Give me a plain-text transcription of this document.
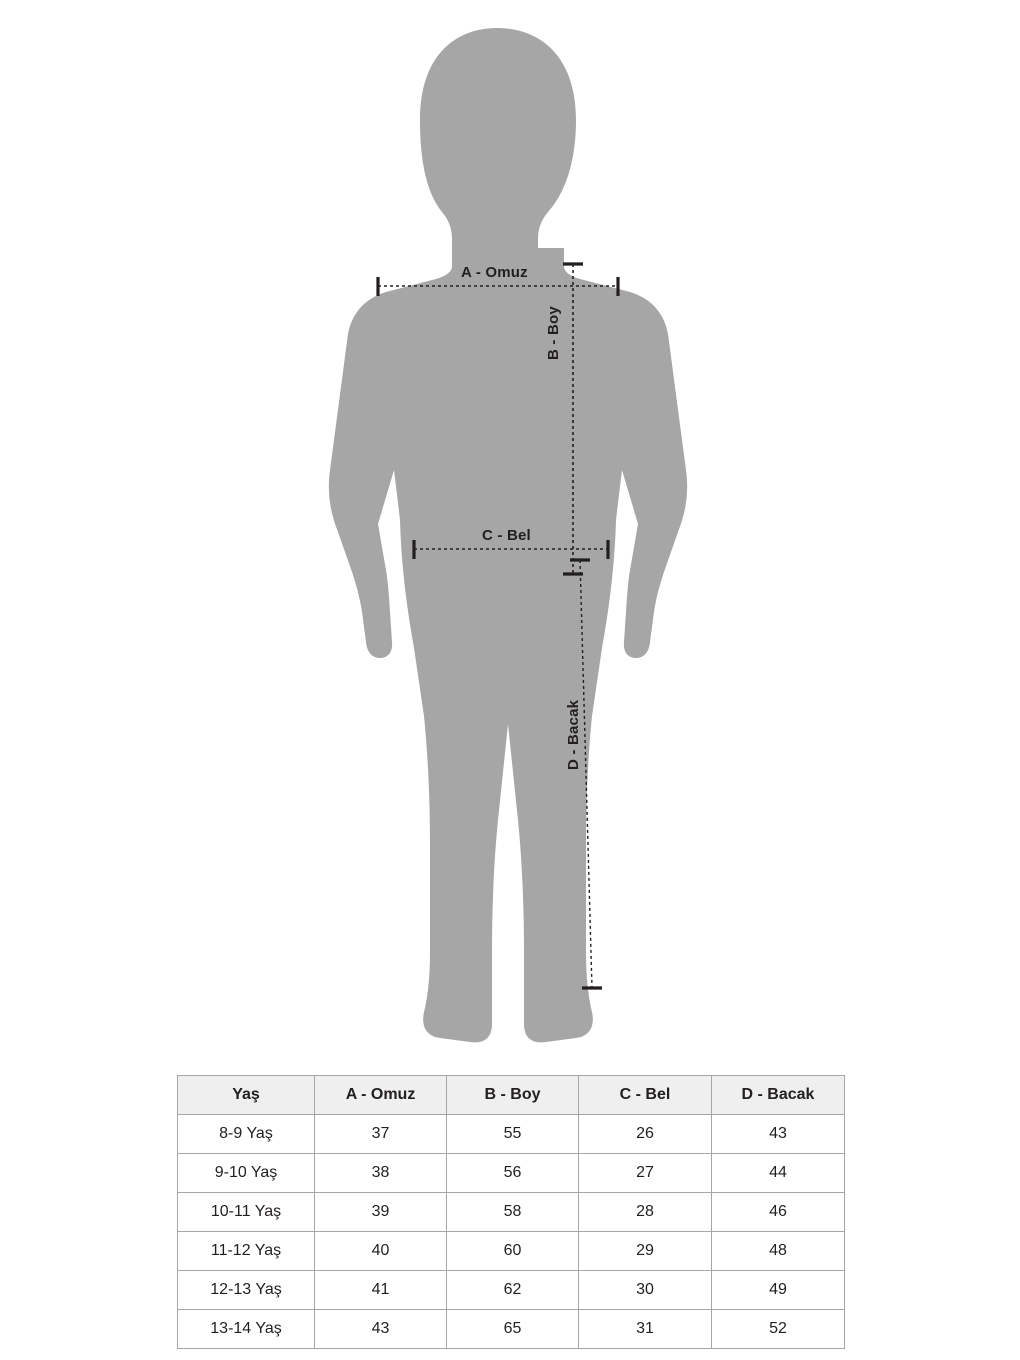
A - Omuz
C - Bel
B - Boy
D - Bacak
Yaş	A - Omuz	B - Boy	C - Bel	D - Bacak
8-9 Yaş	37	55	26	43
9-10 Yaş	38	56	27	44
10-11 Yaş	39	58	28	46
11-12 Yaş	40	60	29	48
12-13 Yaş	41	62	30	49
13-14 Yaş	43	65	31	52
